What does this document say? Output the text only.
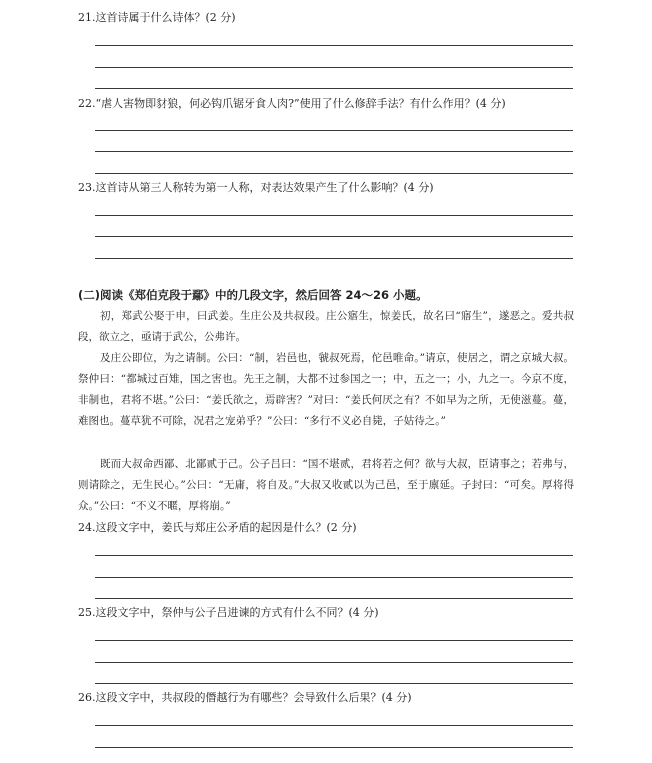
21.这首诗属于什么诗体？(2 分)
22.“虐人害物即豺狼，何必钩爪锯牙食人肉?”使用了什么修辞手法？有什么作用？(4 分)
23.这首诗从第三人称转为第一人称，对表达效果产生了什么影响？(4 分)
(二)阅读《郑伯克段于鄢》中的几段文字，然后回答 24～26 小题。
初，郑武公娶于申，曰武姜。生庄公及共叔段。庄公寤生，惊姜氏，故名曰“寤生”，遂恶之。爱共叔段，欲立之，亟请于武公，公弗许。
及庄公即位，为之请制。公曰：“制，岩邑也，虢叔死焉，佗邑唯命。”请京，使居之，谓之京城大叔。祭仲曰：“都城过百雉，国之害也。先王之制，大都不过参国之一；中，五之一；小，九之一。今京不度，非制也，君将不堪。”公曰：“姜氏欲之，焉辟害？”对曰：“姜氏何厌之有？不如早为之所，无使滋蔓。蔓，难图也。蔓草犹不可除，况君之宠弟乎？”公曰：“多行不义必自毙，子姑待之。”
既而大叔命西鄙、北鄙贰于己。公子吕曰：“国不堪贰，君将若之何？欲与大叔，臣请事之；若弗与，则请除之，无生民心。”公曰：“无庸，将自及。”大叔又收贰以为己邑，至于廪延。子封曰：“可矣。厚将得众。”公曰：“不义不暱，厚将崩。”
24.这段文字中，姜氏与郑庄公矛盾的起因是什么？(2 分)
25.这段文字中，祭仲与公子吕进谏的方式有什么不同？(4 分)
26.这段文字中，共叔段的僭越行为有哪些？会导致什么后果？(4 分)
